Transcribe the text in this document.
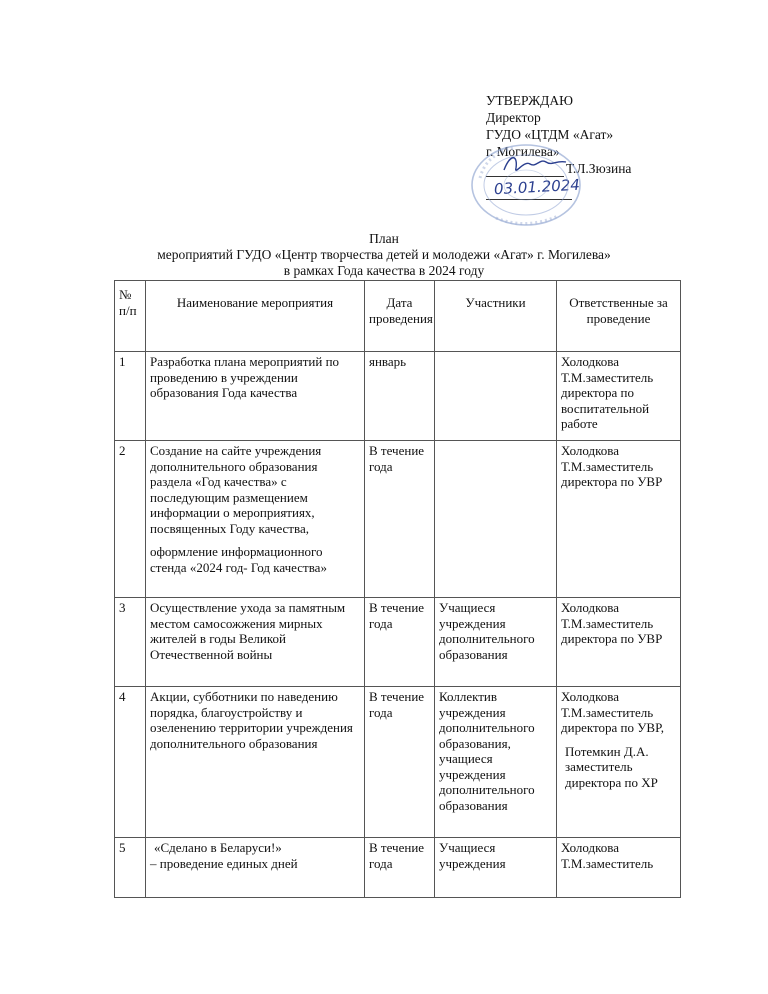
УТВЕРЖДАЮ
Директор
ГУДО «ЦТДМ «Агат»
г. Могилева»
Т.Л.Зюзина
03.01.2024
План
мероприятий ГУДО «Центр творчества детей и молодежи «Агат» г. Могилева»
в рамках Года качества в 2024 году
№ п/п	Наименование мероприятия	Дата проведения	Участники	Ответственные за проведение
1	Разработка плана мероприятий по проведению в учреждении образования Года качества	январь		Холодкова Т.М.заместитель директора по воспитательной работе
2	Создание на сайте учреждения дополнительного образования раздела «Год качества» с последующим размещением информации о мероприятиях, посвященных Году качества,
оформление информационного стенда «2024 год- Год качества»	В течение года		Холодкова Т.М.заместитель директора по УВР
3	Осуществление ухода за памятным местом самосожжения мирных жителей в годы Великой Отечественной войны	В течение года	Учащиеся учреждения дополнительного образования	Холодкова Т.М.заместитель директора по УВР
4	Акции, субботники по наведению порядка, благоустройству и озеленению территории учреждения дополнительного образования	В течение года	Коллектив учреждения дополнительного образования, учащиеся учреждения дополнительного образования	Холодкова Т.М.заместитель директора по УВР,
Потемкин Д.А. заместитель директора по ХР

5	«Сделано в Беларуси!»
– проведение единых дней	В течение года	Учащиеся учреждения	Холодкова Т.М.заместитель
